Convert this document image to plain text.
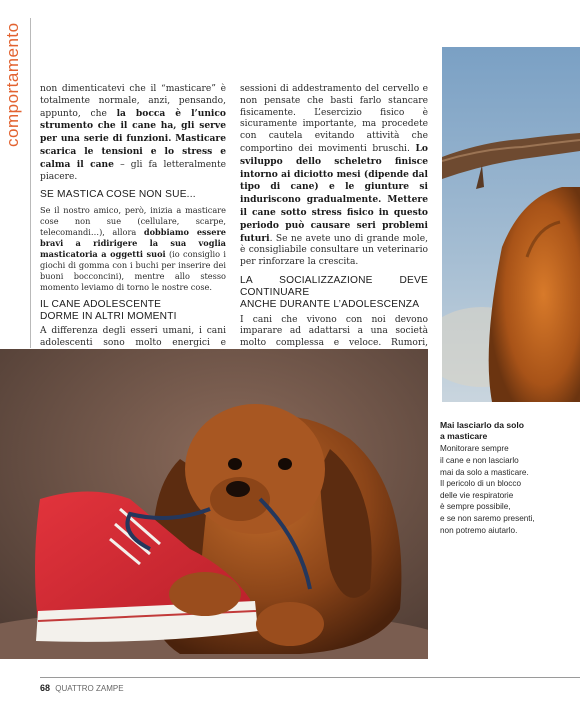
comportamento	non dimenticatevi che il “masticare” è totalmente normale, anzi, pensando, appunto, che la bocca è l’unico strumento che il cane ha, gli serve per una serie di funzioni. Masticare scarica le tensioni e lo stress e calma il cane – gli fa letteralmente piacere.

SE MASTICA COSE NON SUE...

Se il nostro amico, però, inizia a masticare cose non sue (cellulare, scarpe, telecomandi…), allora dobbiamo essere bravi a ridirigere la sua voglia masticatoria a oggetti suoi (io consiglio i giochi di gomma con i buchi per inserire dei buoni bocconcini), mentre allo stesso momento leviamo di torno le nostre cose.

IL CANE ADOLESCENTE
DORME IN ALTRI MOMENTI

A differenza degli esseri umani, i cani adolescenti sono molto energici e

sessioni di addestramento del cervello e non pensate che basti farlo stancare fisicamente. L’esercizio fisico è sicuramente importante, ma procedete con cautela evitando attività che comportino dei movimenti bruschi. Lo sviluppo dello scheletro finisce intorno ai diciotto mesi (dipende dal tipo di cane) e le giunture si induriscono gradualmente. Mettere il cane sotto stress fisico in questo periodo può causare seri problemi futuri. Se ne avete uno di grande mole, è consigliabile consultare un veterinario per rinforzare la crescita.

LA SOCIALIZZAZIONE DEVE CONTINUARE
ANCHE DURANTE L’ADOLESCENZA

I cani che vivono con noi devono imparare ad adattarsi a una società molto complessa e veloce. Rumori,

Mai lasciarlo da solo
a masticare
Monitorare sempre
il cane e non lasciarlo
mai da solo a masticare.
Il pericolo di un blocco
delle vie respiratorie
è sempre possibile,
e se non saremo presenti,
non potremo aiutarlo.
68 QUATTRO ZAMPE
